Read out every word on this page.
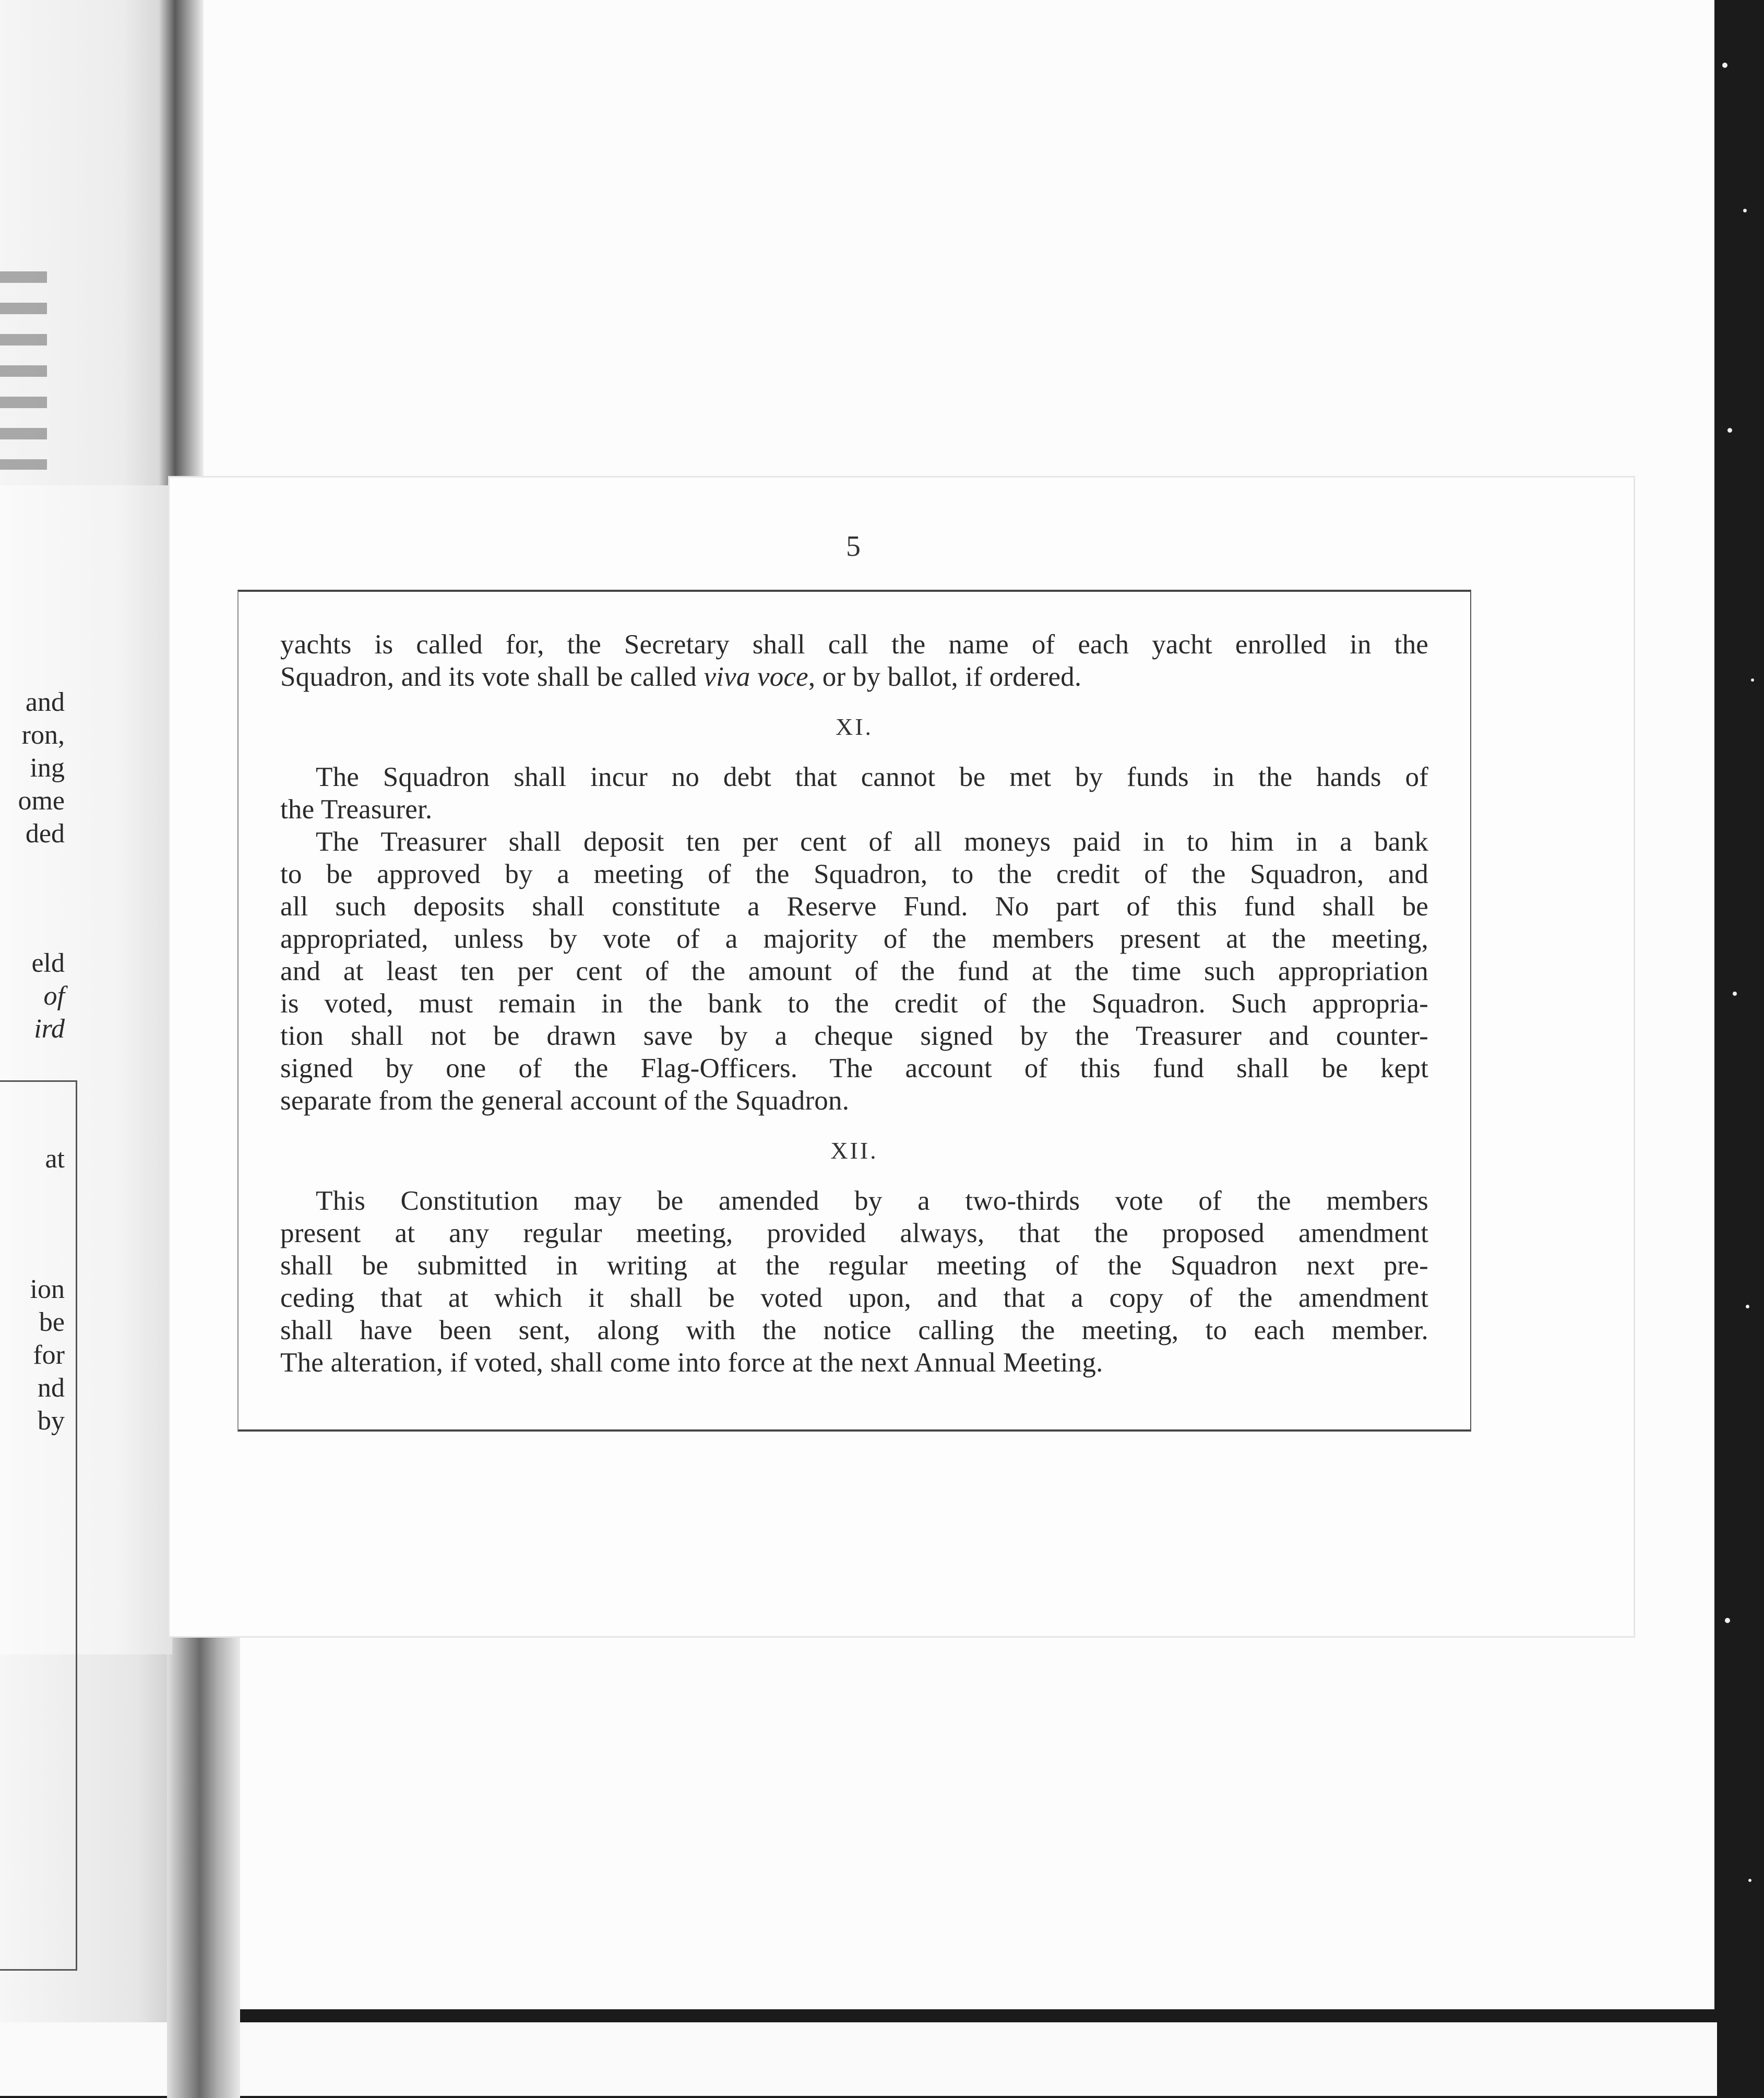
and
ron,
ing
ome
ded
eld
of
ird
at
ion
be
for
nd
by
5
yachts is called for, the Secretary shall call the name of each yacht enrolled in the
Squadron, and its vote shall be called viva voce, or by ballot, if ordered.
XI.
The Squadron shall incur no debt that cannot be met by funds in the hands of
the Treasurer.
The Treasurer shall deposit ten per cent of all moneys paid in to him in a bank
to be approved by a meeting of the Squadron, to the credit of the Squadron, and
all such deposits shall constitute a Reserve Fund. No part of this fund shall be
appropriated, unless by vote of a majority of the members present at the meeting,
and at least ten per cent of the amount of the fund at the time such appropriation
is voted, must remain in the bank to the credit of the Squadron. Such appropria-
tion shall not be drawn save by a cheque signed by the Treasurer and counter-
signed by one of the Flag-Officers. The account of this fund shall be kept
separate from the general account of the Squadron.
XII.
This Constitution may be amended by a two-thirds vote of the members
present at any regular meeting, provided always, that the proposed amendment
shall be submitted in writing at the regular meeting of the Squadron next pre-
ceding that at which it shall be voted upon, and that a copy of the amendment
shall have been sent, along with the notice calling the meeting, to each member.
The alteration, if voted, shall come into force at the next Annual Meeting.
